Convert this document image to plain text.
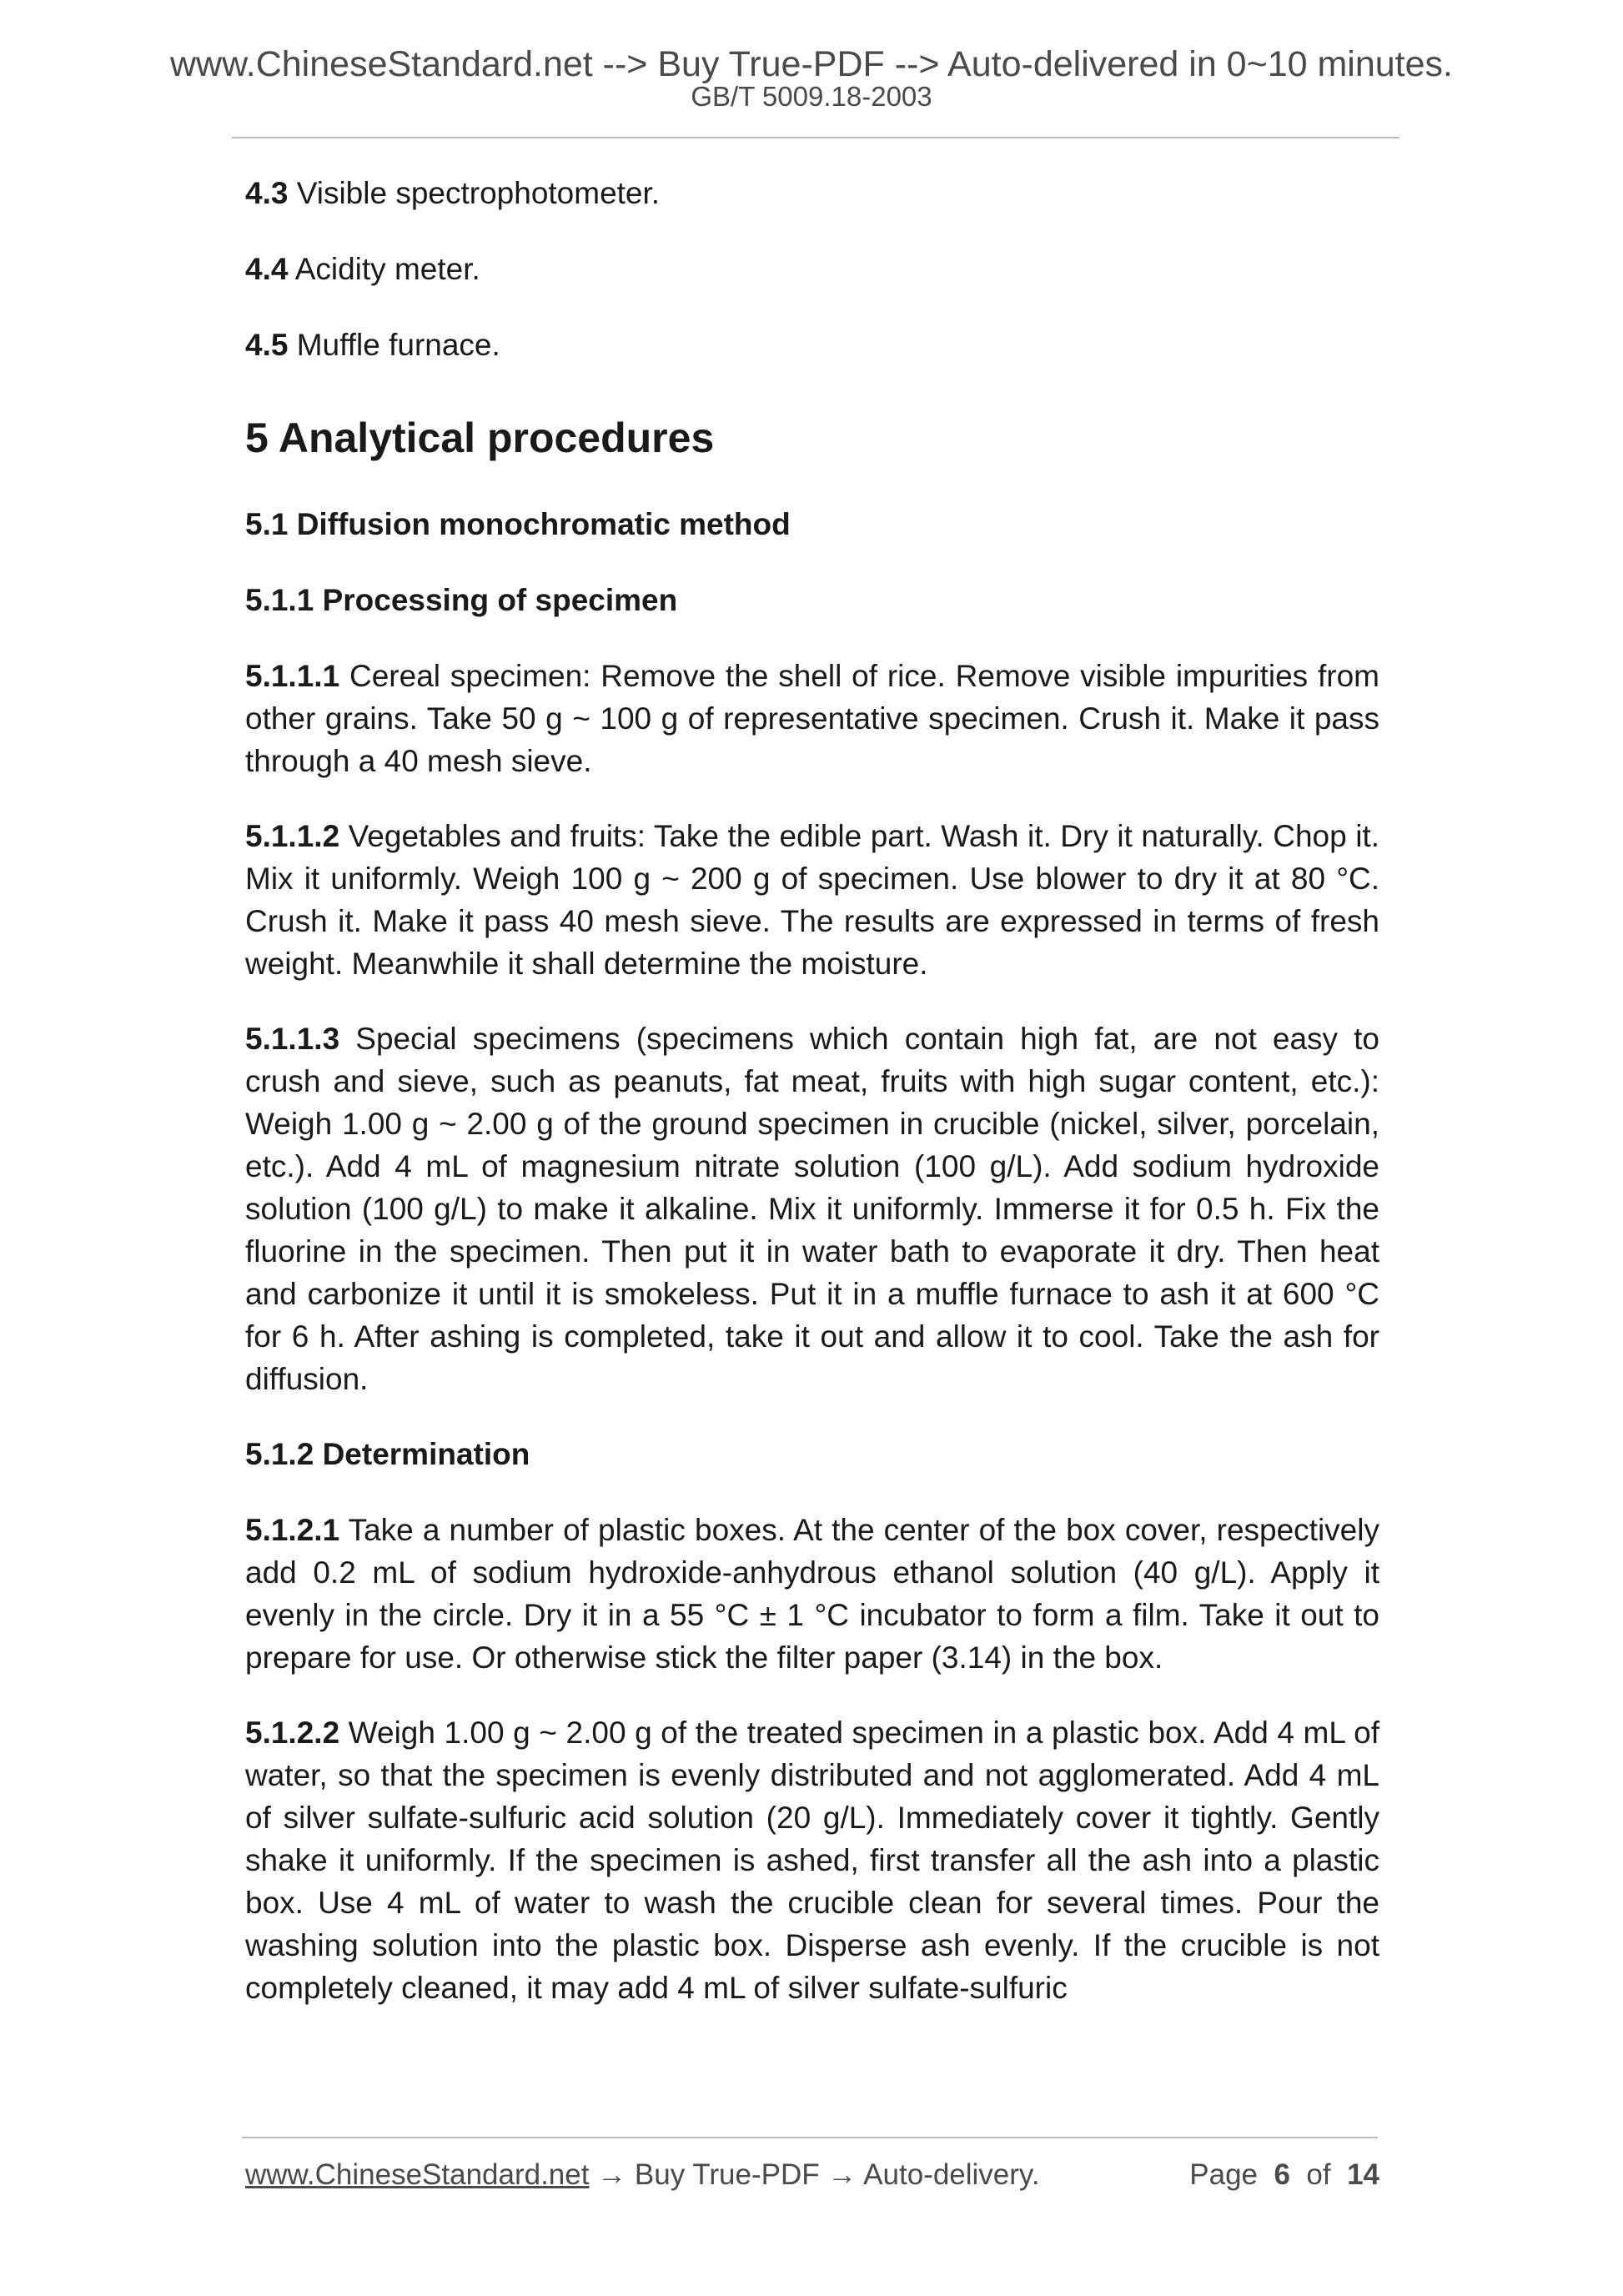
www.ChineseStandard.net --> Buy True-PDF --> Auto-delivered in 0~10 minutes.
GB/T 5009.18-2003

4.3 Visible spectrophotometer.

4.4 Acidity meter.

4.5 Muffle furnace.

5 Analytical procedures

5.1 Diffusion monochromatic method

5.1.1 Processing of specimen

5.1.1.1 Cereal specimen: Remove the shell of rice. Remove visible impurities from other grains. Take 50 g ~ 100 g of representative specimen. Crush it. Make it pass through a 40 mesh sieve.

5.1.1.2 Vegetables and fruits: Take the edible part. Wash it. Dry it naturally. Chop it. Mix it uniformly. Weigh 100 g ~ 200 g of specimen. Use blower to dry it at 80 °C. Crush it. Make it pass 40 mesh sieve. The results are expressed in terms of fresh weight. Meanwhile it shall determine the moisture.

5.1.1.3 Special specimens (specimens which contain high fat, are not easy to crush and sieve, such as peanuts, fat meat, fruits with high sugar content, etc.): Weigh 1.00 g ~ 2.00 g of the ground specimen in crucible (nickel, silver, porcelain, etc.). Add 4 mL of magnesium nitrate solution (100 g/L). Add sodium hydroxide solution (100 g/L) to make it alkaline. Mix it uniformly. Immerse it for 0.5 h. Fix the fluorine in the specimen. Then put it in water bath to evaporate it dry. Then heat and carbonize it until it is smokeless. Put it in a muffle furnace to ash it at 600 °C for 6 h. After ashing is completed, take it out and allow it to cool. Take the ash for diffusion.

5.1.2 Determination

5.1.2.1 Take a number of plastic boxes. At the center of the box cover, respectively add 0.2 mL of sodium hydroxide-anhydrous ethanol solution (40 g/L). Apply it evenly in the circle. Dry it in a 55 °C ± 1 °C incubator to form a film. Take it out to prepare for use. Or otherwise stick the filter paper (3.14) in the box.

5.1.2.2 Weigh 1.00 g ~ 2.00 g of the treated specimen in a plastic box. Add 4 mL of water, so that the specimen is evenly distributed and not agglomerated. Add 4 mL of silver sulfate-sulfuric acid solution (20 g/L). Immediately cover it tightly. Gently shake it uniformly. If the specimen is ashed, first transfer all the ash into a plastic box. Use 4 mL of water to wash the crucible clean for several times. Pour the washing solution into the plastic box. Disperse ash evenly. If the crucible is not completely cleaned, it may add 4 mL of silver sulfate-sulfuric

www.ChineseStandard.net → Buy True-PDF → Auto-delivery.	Page 6 of 14
